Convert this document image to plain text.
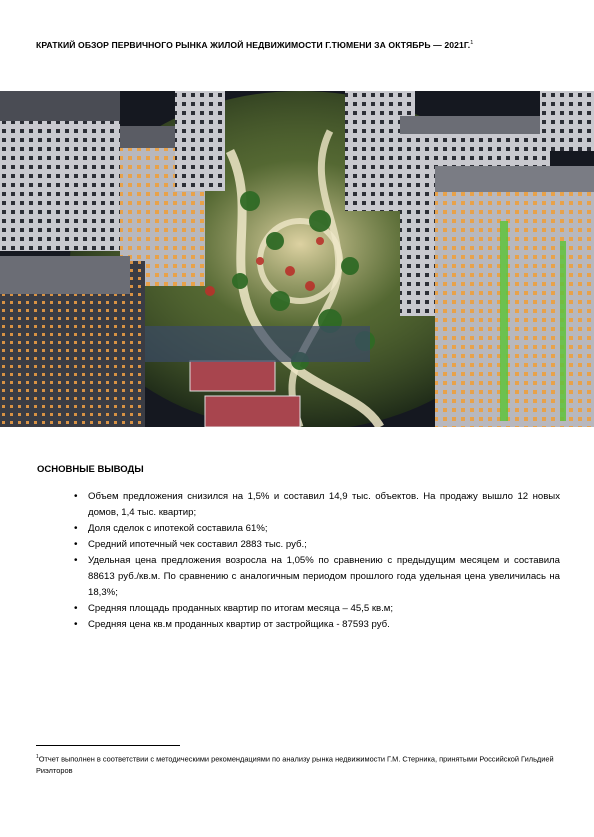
КРАТКИЙ ОБЗОР ПЕРВИЧНОГО РЫНКА ЖИЛОЙ НЕДВИЖИМОСТИ Г.ТЮМЕНИ ЗА ОКТЯБРЬ — 2021Г.$^1$
ОСНОВНЫЕ ВЫВОДЫ
• Объем предложения снизился на 1,5% и составил 14,9 тыс. объектов. На продажу вышло 12 новых домов, 1,4 тыс. квартир;
• Доля сделок с ипотекой составила 61%;
• Средний ипотечный чек составил 2883 тыс. руб.;
• Удельная цена предложения возросла на 1,05% по сравнению с предыдущим месяцем и составила 88613 руб./кв.м. По сравнению с аналогичным периодом прошлого года удельная цена увеличилась на 18,3%;
• Средняя площадь проданных квартир по итогам месяца – 45,5 кв.м;
• Средняя цена кв.м проданных квартир от застройщика - 87593 руб.
$^1$Отчет выполнен в соответствии с методическими рекомендациями по анализу рынка недвижимости Г.М. Стерника, принятыми Российской Гильдией Риэлторов
